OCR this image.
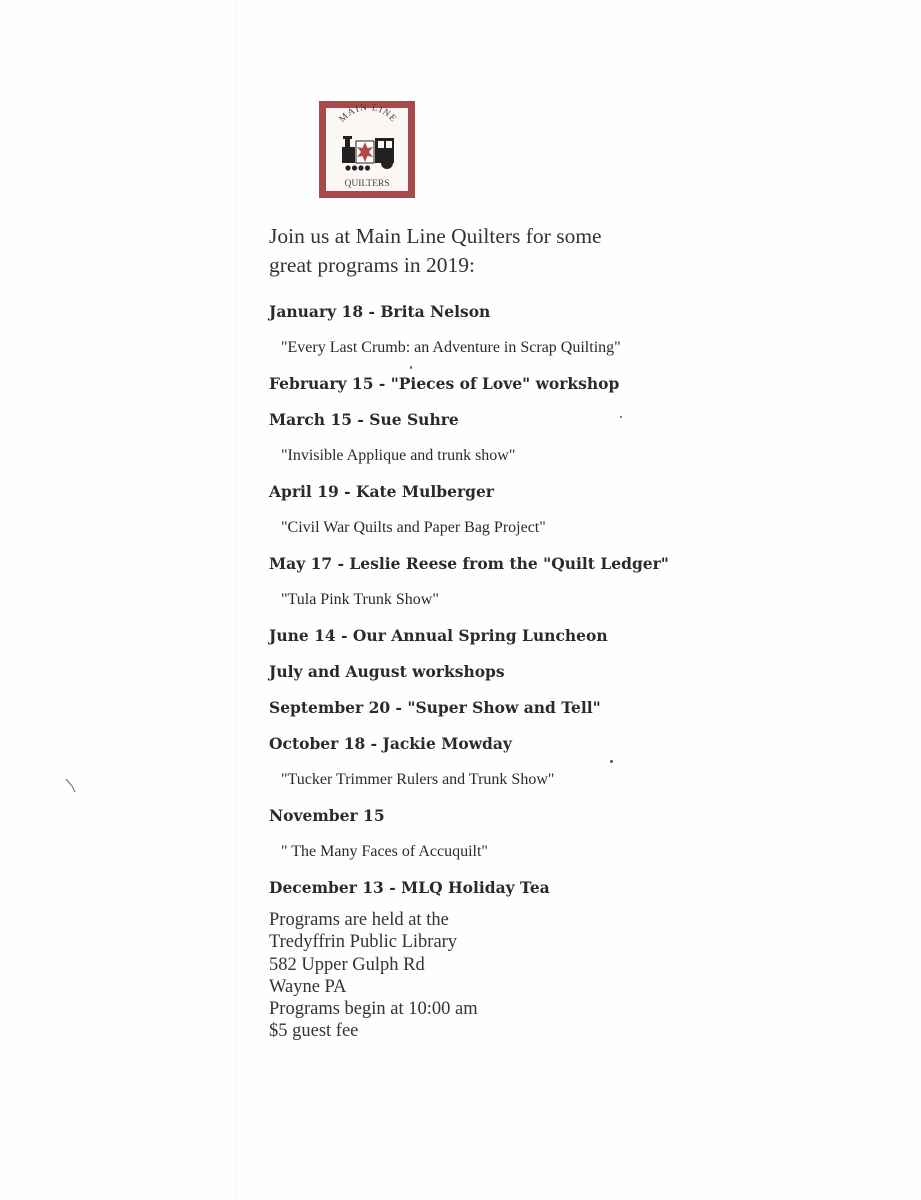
MAIN LINE
QUILTERS
Join us at Main Line Quilters for some
great programs in 2019:
January 18 - Brita Nelson
"Every Last Crumb: an Adventure in Scrap Quilting"
February 15 - "Pieces of Love" workshop
March 15 - Sue Suhre
"Invisible Applique and trunk show"
April 19 - Kate Mulberger
"Civil War Quilts and Paper Bag Project"
May 17 - Leslie Reese from the "Quilt Ledger"
"Tula Pink Trunk Show"
June 14 - Our Annual Spring Luncheon
July and August workshops
September 20 - "Super Show and Tell"
October 18 - Jackie Mowday
"Tucker Trimmer Rulers and Trunk Show"
November 15
" The Many Faces of Accuquilt"
December 13 - MLQ Holiday Tea
Programs are held at the
Tredyffrin Public Library
582 Upper Gulph Rd
Wayne PA
Programs begin at 10:00 am
$5 guest fee
